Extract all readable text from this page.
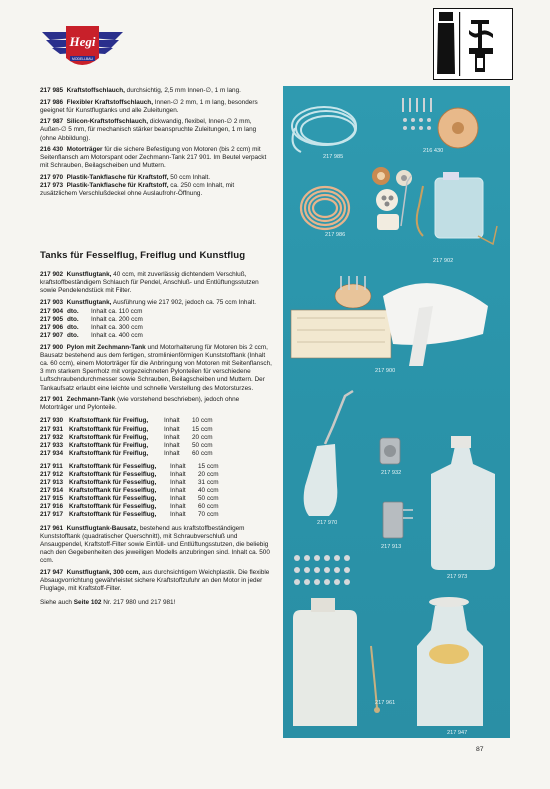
Hegi
MODELLBAU

217 985 Kraftstoffschlauch, durchsichtig, 2,5 mm Innen-∅, 1 m lang.

217 986 Flexibler Kraftstoffschlauch, Innen-∅ 2 mm, 1 m lang, besonders geeignet für Kunstflugtanks und alle Zuleitungen.

217 987 Silicon-Kraftstoffschlauch, dickwandig, flexibel, Innen-∅ 2 mm, Außen-∅ 5 mm, für mechanisch stärker beanspruchte Zuleitungen, 1 m lang (ohne Abbildung).

216 430 Motorträger für die sichere Befestigung von Motoren (bis 2 ccm) mit Seitenflansch am Motorspant oder Zechmann-Tank 217 901. Im Beutel verpackt mit Schrauben, Beilagscheiben und Muttern.

217 970 Plastik-Tankflasche für Kraftstoff, 50 ccm Inhalt.

217 973 Plastik-Tankflasche für Kraftstoff, ca. 250 ccm Inhalt, mit zusätzlichem Verschlußdeckel ohne Auslaufrohr-Öffnung.

Tanks für Fesselflug, Freiflug und Kunstflug

217 902 Kunstflugtank, 40 ccm, mit zuverlässig dichtendem Verschluß, kraftstoffbeständigem Schlauch für Pendel, Anschluß- und Entlüftungsstutzen sowie Pendelendstück mit Filter.

217 903 Kunstflugtank, Ausführung wie 217 902, jedoch ca. 75 ccm Inhalt.

217 904 dto.	Inhalt ca. 110 ccm
217 905 dto.	Inhalt ca. 200 ccm
217 906 dto.	Inhalt ca. 300 ccm
217 907 dto.	Inhalt ca. 400 ccm

217 900 Pylon mit Zechmann-Tank und Motorhalterung für Motoren bis 2 ccm, Bausatz bestehend aus dem fertigen, stromlinienförmigen Kunststofftank (Inhalt ca. 60 ccm), einem Motorträger für die Anbringung von Motoren mit Seitenflansch, 3 mm starkem Sperrholz mit vorgezeichneten Pylonteilen für verschiedene Luftschraubendurchmesser sowie Schrauben, Beilagscheiben und Muttern. Der Tankaufsatz erlaubt eine leichte und schnelle Verstellung des Motorsturzes.

217 901 Zechmann-Tank (wie vorstehend beschrieben), jedoch ohne Motorträger und Pylonteile.

217 930 Kraftstofftank für Freiflug,	Inhalt	10 ccm
217 931 Kraftstofftank für Freiflug,	Inhalt	15 ccm
217 932 Kraftstofftank für Freiflug,	Inhalt	20 ccm
217 933 Kraftstofftank für Freiflug,	Inhalt	50 ccm
217 934 Kraftstofftank für Freiflug,	Inhalt	60 ccm
217 911 Kraftstofftank für Fesselflug,	Inhalt	15 ccm
217 912 Kraftstofftank für Fesselflug,	Inhalt	20 ccm
217 913 Kraftstofftank für Fesselflug,	Inhalt	31 ccm
217 914 Kraftstofftank für Fesselflug,	Inhalt	40 ccm
217 915 Kraftstofftank für Fesselflug,	Inhalt	50 ccm
217 916 Kraftstofftank für Fesselflug,	Inhalt	60 ccm
217 917 Kraftstofftank für Fesselflug,	Inhalt	70 ccm

217 961 Kunstflugtank-Bausatz, bestehend aus kraftstoffbeständigem Kunststofftank (quadratischer Querschnitt), mit Schraubverschluß und Ansaugpendel, Kraftstoff-Filter sowie Einfüll- und Entlüftungsstutzen, die beliebig nach den Gegebenheiten des jeweiligen Modells anzubringen sind. Inhalt ca. 500 ccm.

217 947 Kunstflugtank, 300 ccm, aus durchsichtigem Weichplastik. Die flexible Absaugvorrichtung gewährleistet sichere Kraftstoffzufuhr an den Motor in jeder Fluglage, mit Kraftstoff-Filter.

Siehe auch Seite 102 Nr. 217 980 und 217 981!

217 985
216 430
217 986
217 902
217 900
217 932
217 970
217 913
217 973
217 961
217 947
87
